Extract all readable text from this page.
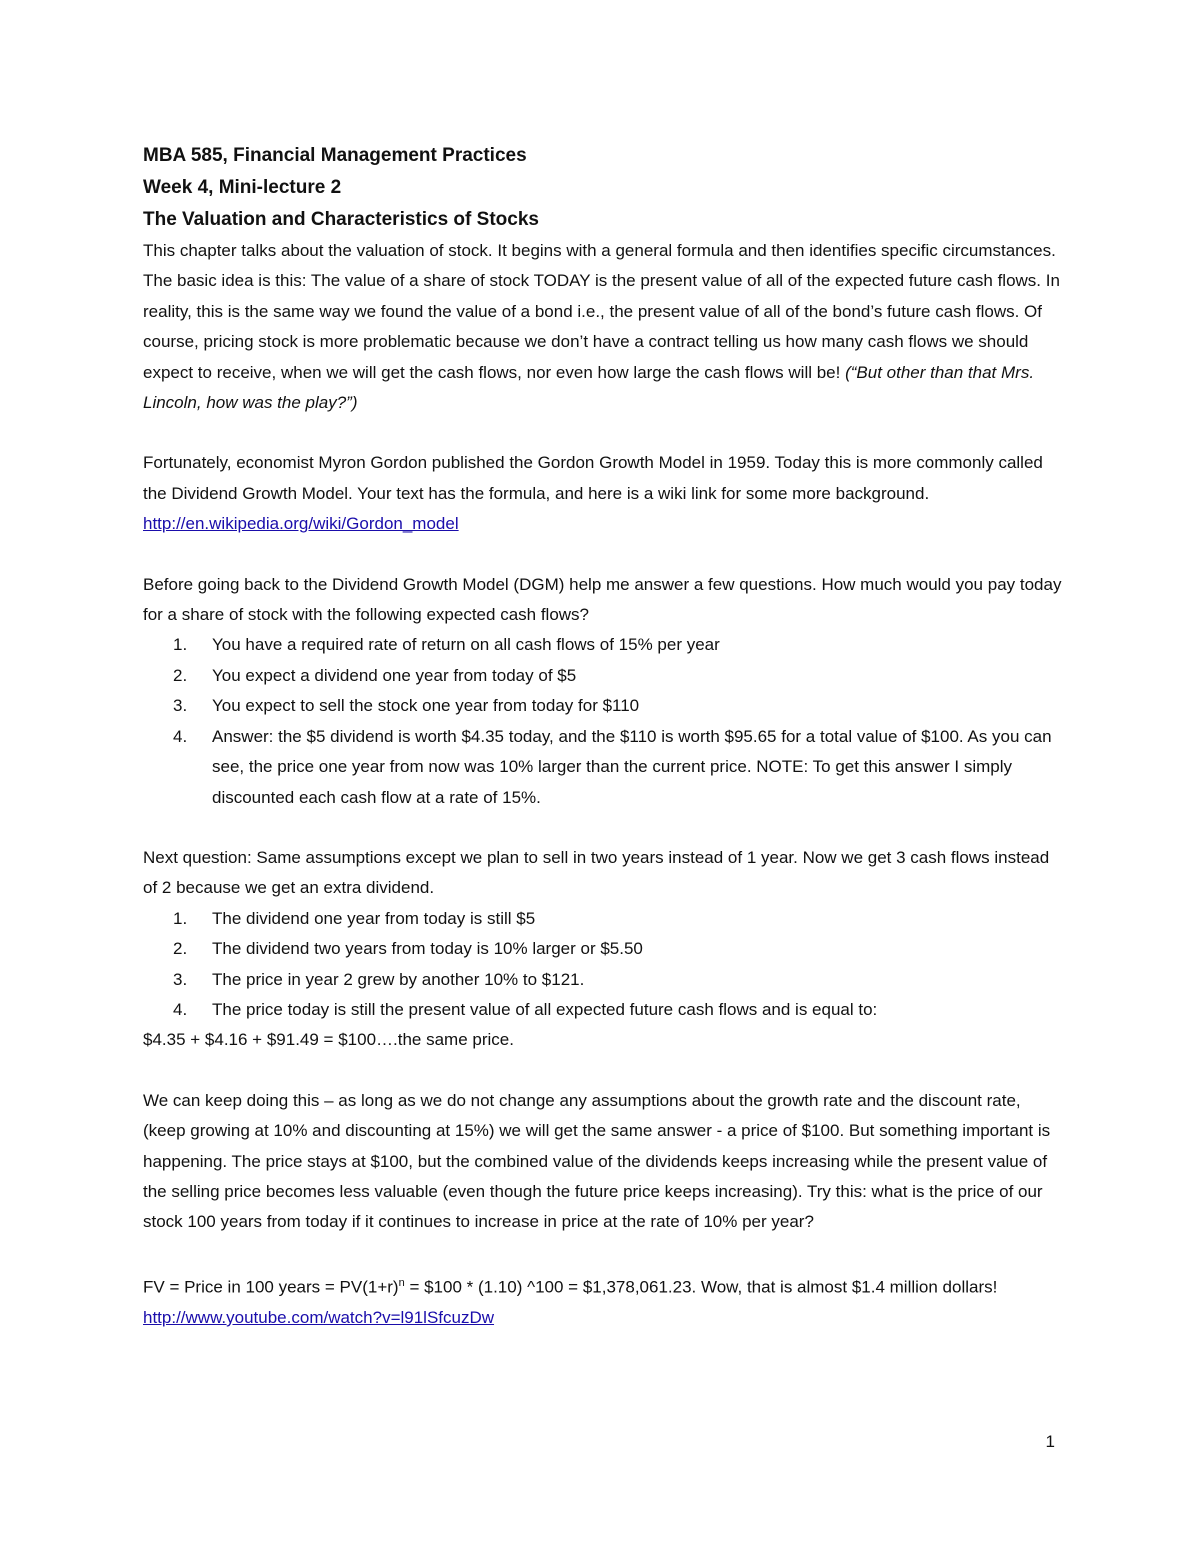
MBA 585, Financial Management Practices

Week 4, Mini-lecture 2

The Valuation and Characteristics of Stocks

This chapter talks about the valuation of stock. It begins with a general formula and then identifies specific circumstances. The basic idea is this: The value of a share of stock TODAY is the present value of all of the expected future cash flows. In reality, this is the same way we found the value of a bond i.e., the present value of all of the bond’s future cash flows. Of course, pricing stock is more problematic because we don’t have a contract telling us how many cash flows we should expect to receive, when we will get the cash flows, nor even how large the cash flows will be! (“But other than that Mrs. Lincoln, how was the play?”)

Fortunately, economist Myron Gordon published the Gordon Growth Model in 1959. Today this is more commonly called the Dividend Growth Model. Your text has the formula, and here is a wiki link for some more background. http://en.wikipedia.org/wiki/Gordon_model

Before going back to the Dividend Growth Model (DGM) help me answer a few questions. How much would you pay today for a share of stock with the following expected cash flows?

1. You have a required rate of return on all cash flows of 15% per year
2. You expect a dividend one year from today of $5
3. You expect to sell the stock one year from today for $110
4. Answer: the $5 dividend is worth $4.35 today, and the $110 is worth $95.65 for a total value of $100. As you can see, the price one year from now was 10% larger than the current price. NOTE: To get this answer I simply discounted each cash flow at a rate of 15%.

Next question: Same assumptions except we plan to sell in two years instead of 1 year. Now we get 3 cash flows instead of 2 because we get an extra dividend.

1. The dividend one year from today is still $5
2. The dividend two years from today is 10% larger or $5.50
3. The price in year 2 grew by another 10% to $121.
4. The price today is still the present value of all expected future cash flows and is equal to:

$4.35 + $4.16 + $91.49 = $100….the same price.

We can keep doing this – as long as we do not change any assumptions about the growth rate and the discount rate, (keep growing at 10% and discounting at 15%) we will get the same answer - a price of $100. But something important is happening. The price stays at $100, but the combined value of the dividends keeps increasing while the present value of the selling price becomes less valuable (even though the future price keeps increasing). Try this: what is the price of our stock 100 years from today if it continues to increase in price at the rate of 10% per year?

FV = Price in 100 years = $PV(1+r)^n$ = $100 * (1.10) ^100 = $1,378,061.23. Wow, that is almost $1.4 million dollars! http://www.youtube.com/watch?v=l91lSfcuzDw

1
